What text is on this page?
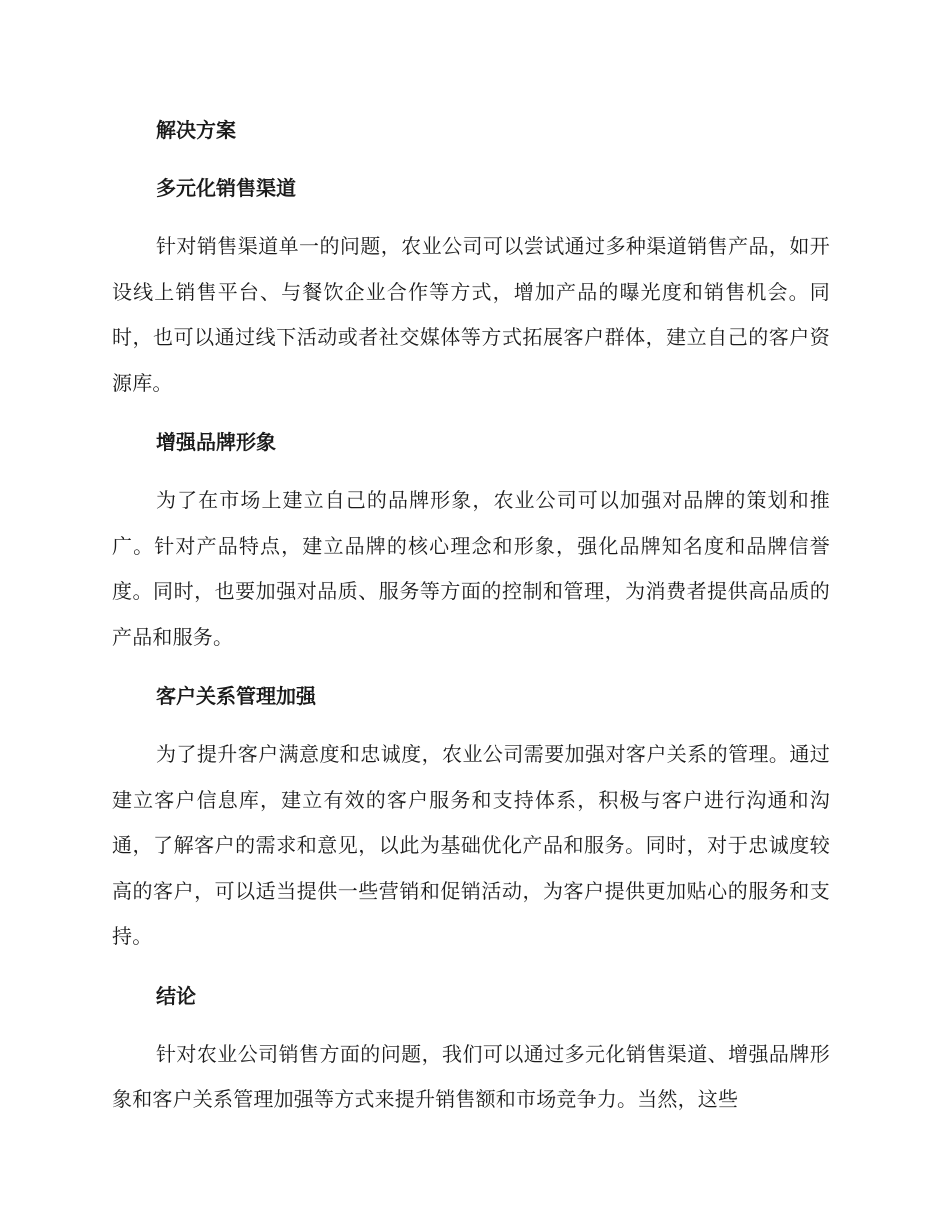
解决方案
多元化销售渠道

针对销售渠道单一的问题，农业公司可以尝试通过多种渠道销售产品，如开设线上销售平台、与餐饮企业合作等方式，增加产品的曝光度和销售机会。同时，也可以通过线下活动或者社交媒体等方式拓展客户群体，建立自己的客户资源库。

增强品牌形象

为了在市场上建立自己的品牌形象，农业公司可以加强对品牌的策划和推广。针对产品特点，建立品牌的核心理念和形象，强化品牌知名度和品牌信誉度。同时，也要加强对品质、服务等方面的控制和管理，为消费者提供高品质的产品和服务。

客户关系管理加强

为了提升客户满意度和忠诚度，农业公司需要加强对客户关系的管理。通过建立客户信息库，建立有效的客户服务和支持体系，积极与客户进行沟通和沟通，了解客户的需求和意见，以此为基础优化产品和服务。同时，对于忠诚度较高的客户，可以适当提供一些营销和促销活动，为客户提供更加贴心的服务和支持。

结论

针对农业公司销售方面的问题，我们可以通过多元化销售渠道、增强品牌形象和客户关系管理加强等方式来提升销售额和市场竞争力。当然，这些
